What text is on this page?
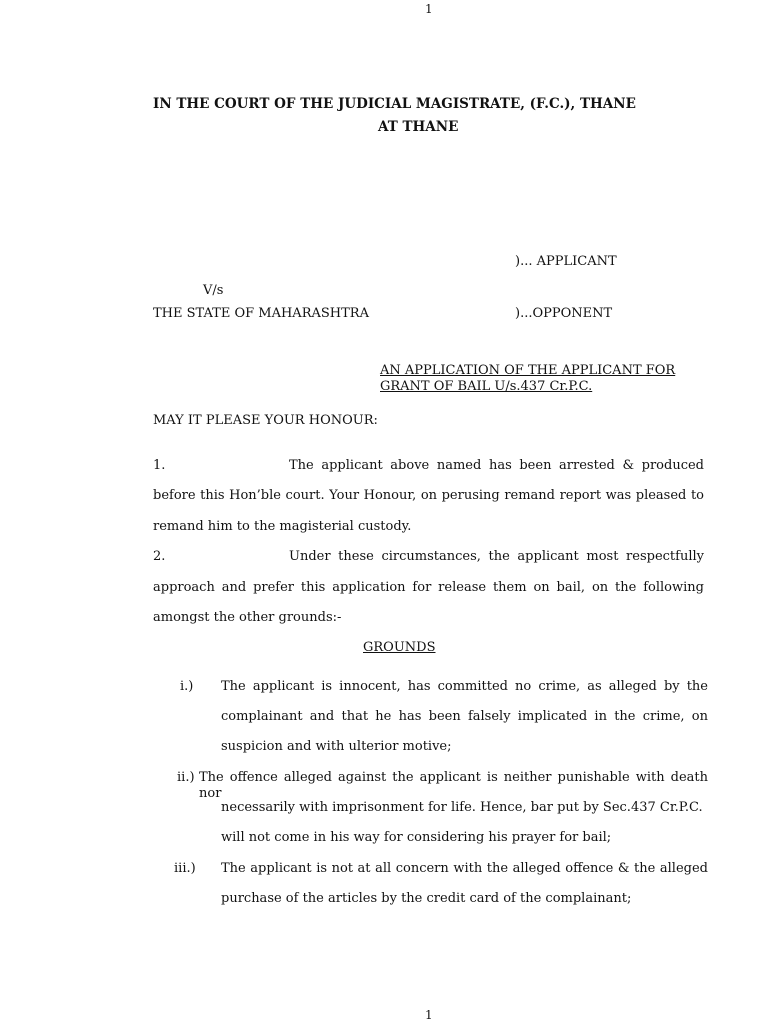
1
IN THE COURT OF THE JUDICIAL MAGISTRATE, (F.C.), THANE
AT THANE
)... APPLICANT
V/s
THE STATE OF MAHARASHTRA	)...OPPONENT
AN APPLICATION OF THE APPLICANT FOR
GRANT OF BAIL U/s.437 Cr.P.C.
MAY IT PLEASE YOUR HONOUR:
1.	The applicant above named has been arrested & produced
before this Hon’ble court. Your Honour, on perusing remand report was pleased to
remand him to the magisterial custody.
2.	Under these circumstances, the applicant most respectfully
approach and prefer this application for release them on bail, on the following
amongst the other grounds:-
GROUNDS
i.) The applicant is innocent, has committed no crime, as alleged by the
complainant and that he has been falsely implicated in the crime, on
suspicion and with ulterior motive;
ii.) The offence alleged against the applicant is neither punishable with death nor
necessarily with imprisonment for life. Hence, bar put by Sec.437 Cr.P.C.
will not come in his way for considering his prayer for bail;
iii.) The applicant is not at all concern with the alleged offence & the alleged
purchase of the articles by the credit card of the complainant;
1
